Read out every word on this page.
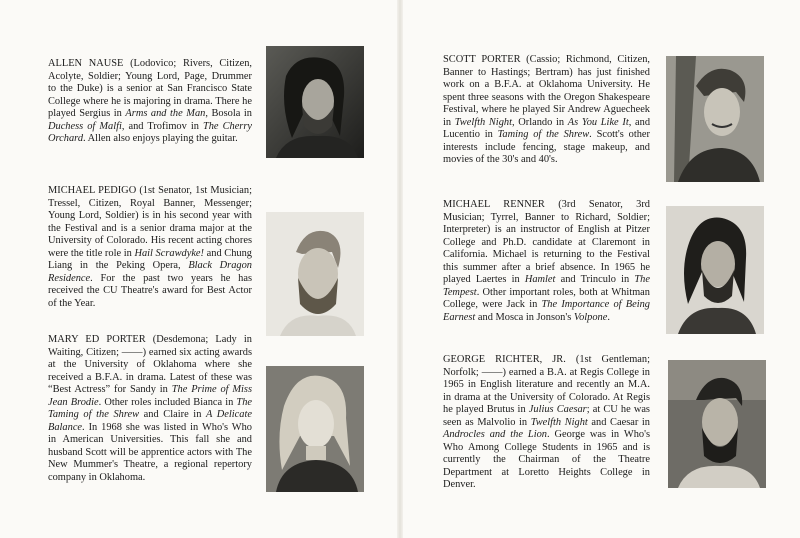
ALLEN NAUSE (Lodovico; Rivers, Citizen, Acolyte, Soldier; Young Lord, Page, Drummer to the Duke) is a senior at San Francisco State College where he is majoring in drama. There he played Sergius in Arms and the Man, Bosola in Duchess of Malfi, and Trofimov in The Cherry Orchard. Allen also enjoys playing the guitar.

MICHAEL PEDIGO (1st Senator, 1st Musician; Tressel, Citizen, Royal Banner, Messenger; Young Lord, Soldier) is in his second year with the Festival and is a senior drama major at the University of Colorado. His recent acting chores were the title role in Hail Scrawdyke! and Chung Liang in the Peking Opera, Black Dragon Residence. For the past two years he has received the CU Theatre's award for Best Actor of the Year.

MARY ED PORTER (Desdemona; Lady in Waiting, Citizen; ——) earned six acting awards at the University of Oklahoma where she received a B.F.A. in drama. Latest of these was “Best Actress” for Sandy in The Prime of Miss Jean Brodie. Other roles included Bianca in The Taming of the Shrew and Claire in A Delicate Balance. In 1968 she was listed in Who's Who in American Universities. This fall she and husband Scott will be apprentice actors with The New Mummer's Theatre, a regional repertory company in Oklahoma.

SCOTT PORTER (Cassio; Richmond, Citizen, Banner to Hastings; Bertram) has just finished work on a B.F.A. at Oklahoma University. He spent three seasons with the Oregon Shakespeare Festival, where he played Sir Andrew Aguecheek in Twelfth Night, Orlando in As You Like It, and Lucentio in Taming of the Shrew. Scott's other interests include fencing, stage makeup, and movies of the 30's and 40's.

MICHAEL RENNER (3rd Senator, 3rd Musician; Tyrrel, Banner to Richard, Soldier; Interpreter) is an instructor of English at Pitzer College and Ph.D. candidate at Claremont in California. Michael is returning to the Festival this summer after a brief absence. In 1965 he played Laertes in Hamlet and Trinculo in The Tempest. Other important roles, both at Whitman College, were Jack in The Importance of Being Earnest and Mosca in Jonson's Volpone.

GEORGE RICHTER, JR. (1st Gentleman; Norfolk; ——) earned a B.A. at Regis College in 1965 in English literature and recently an M.A. in drama at the University of Colorado. At Regis he played Brutus in Julius Caesar; at CU he was seen as Malvolio in Twelfth Night and Caesar in Androcles and the Lion. George was in Who's Who Among College Students in 1965 and is currently the Chairman of the Theatre Department at Loretto Heights College in Denver.
